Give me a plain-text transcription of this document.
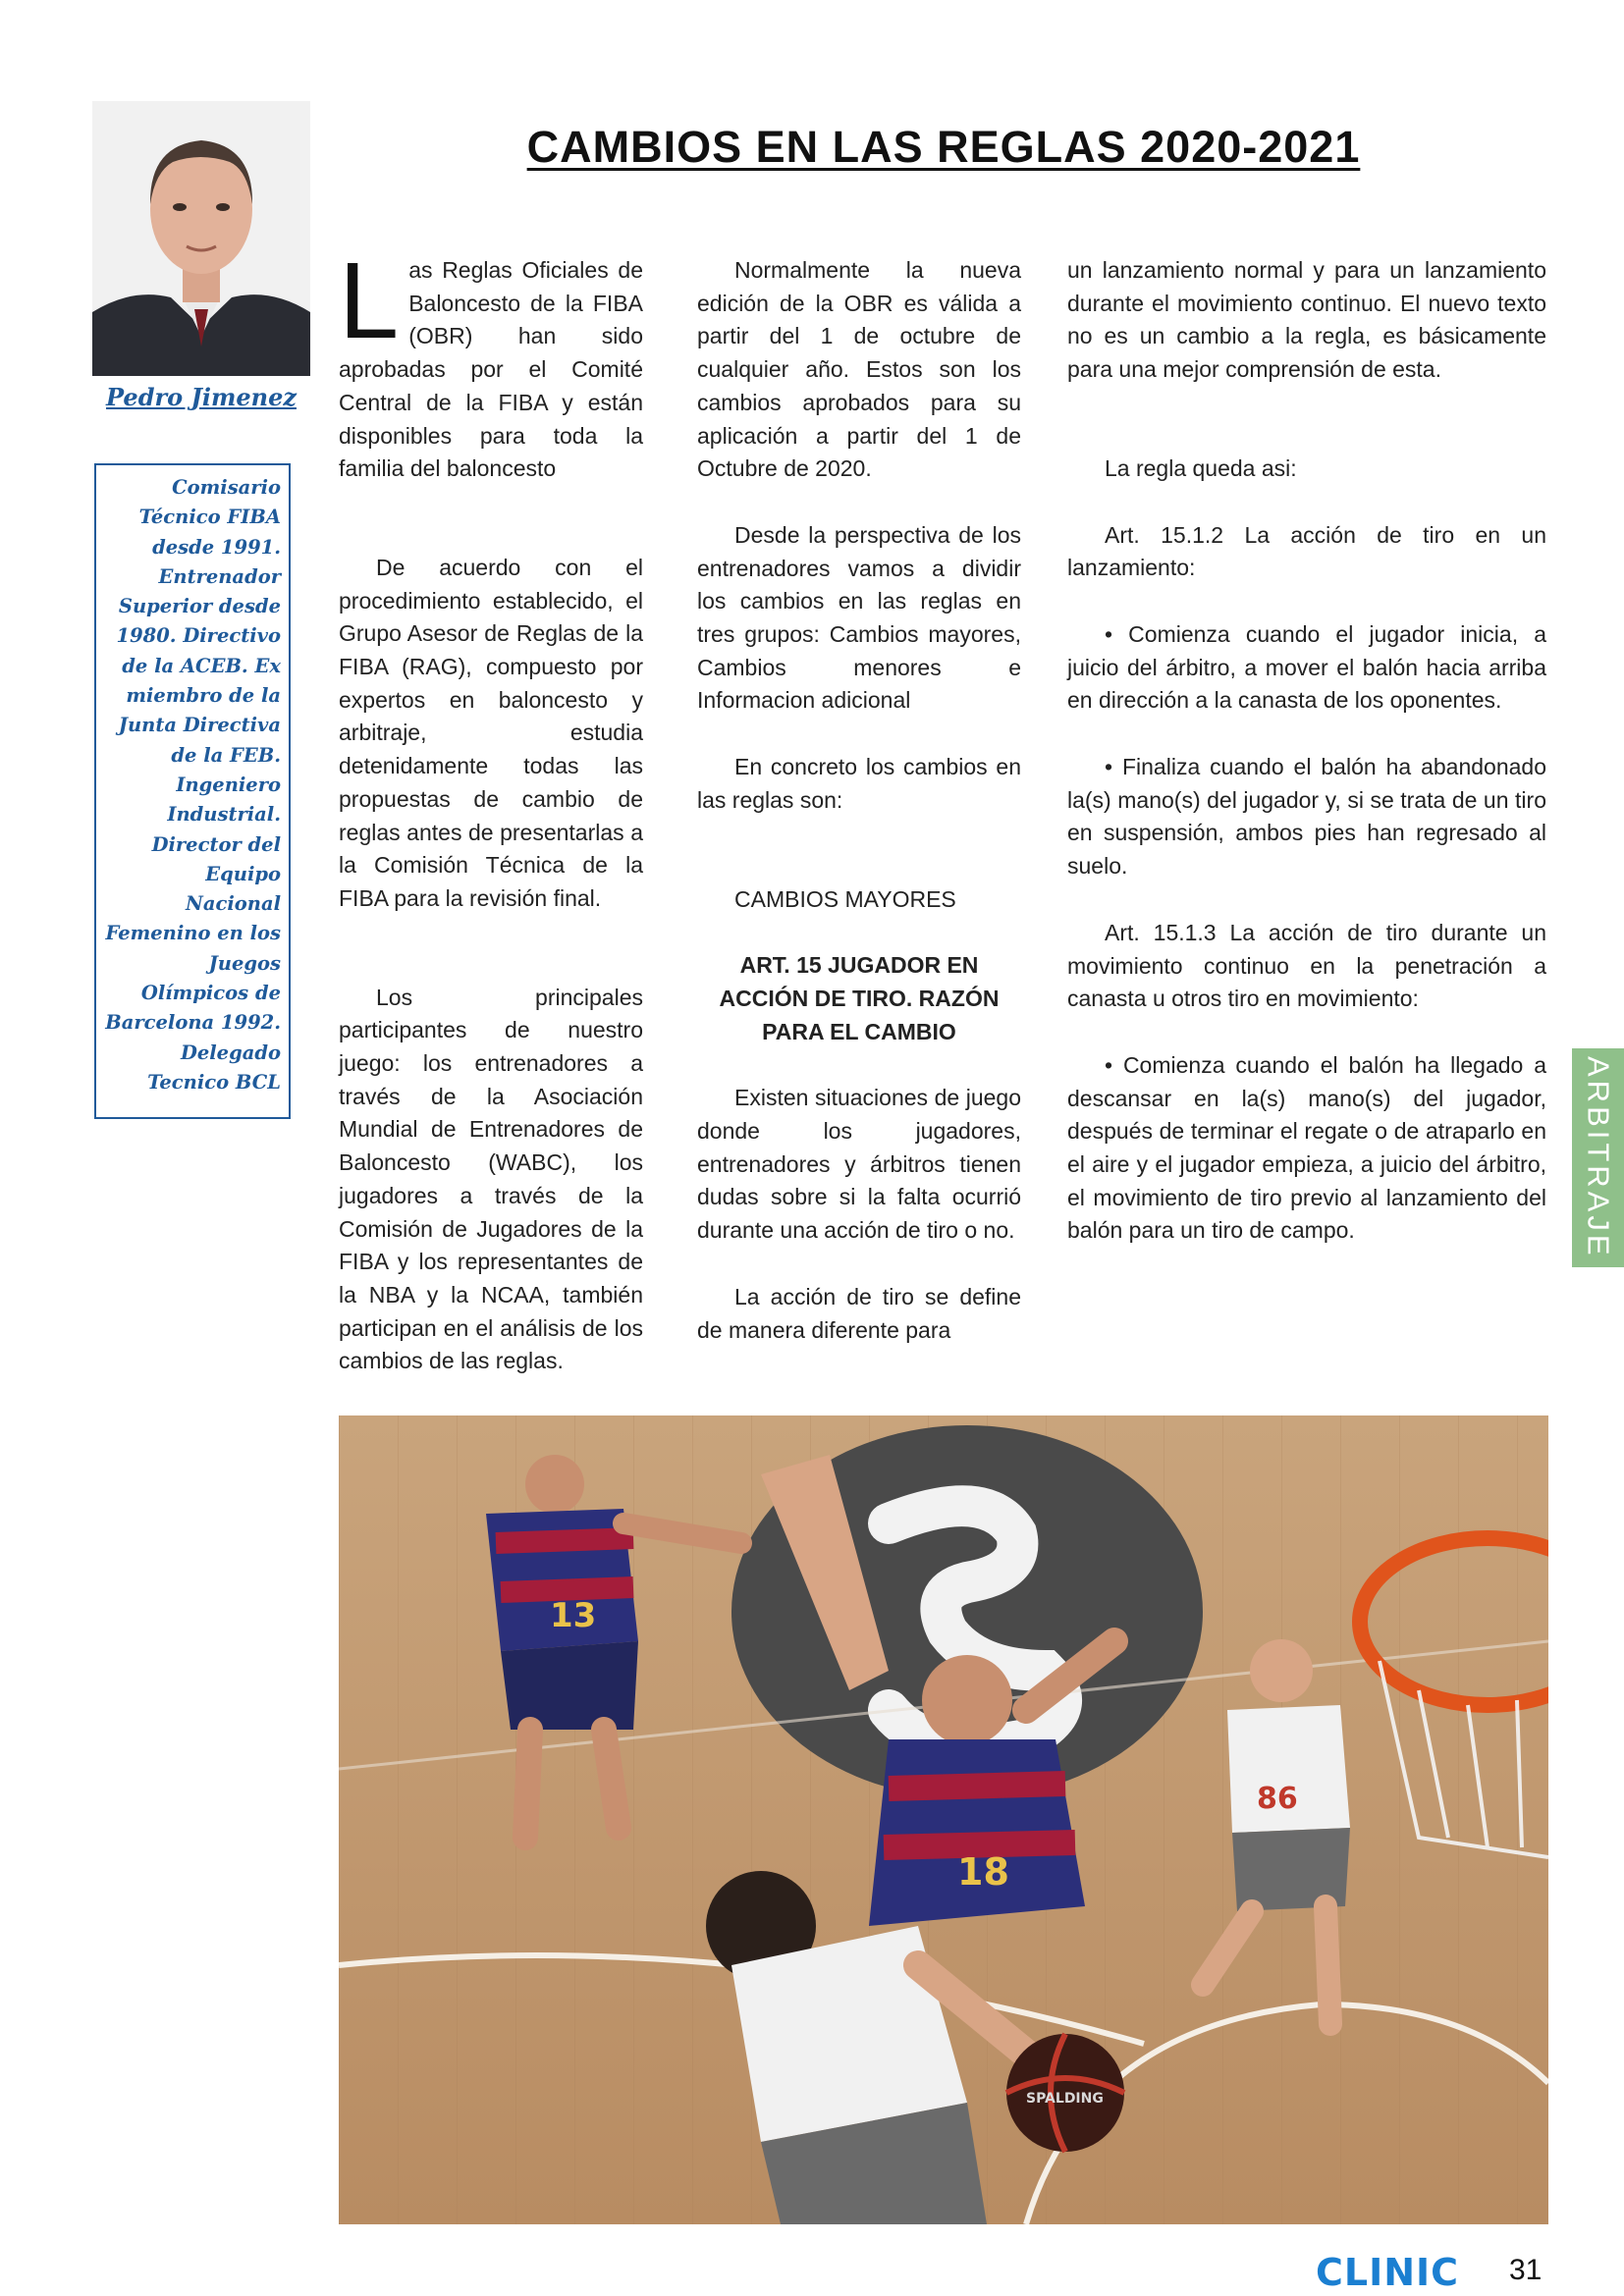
Pedro Jimenez

Comisario Técnico FIBA desde 1991. Entrenador Superior desde 1980. Directivo de la ACEB. Ex miembro de la Junta Directiva de la FEB. Ingeniero Industrial. Director del Equipo Nacional Femenino en los Juegos Olímpicos de Barcelona 1992. Delegado Tecnico BCL

CAMBIOS EN LAS REGLAS 2020-2021

Las Reglas Oficiales de Baloncesto de la FIBA (OBR) han sido aprobadas por el Comité Central de la FIBA y están disponibles para toda la familia del baloncesto

De acuerdo con el procedimiento establecido, el Grupo Asesor de Reglas de la FIBA (RAG), compuesto por expertos en baloncesto y arbitraje, estudia detenidamente todas las propuestas de cambio de reglas antes de presentarlas a la Comisión Técnica de la FIBA para la revisión final.

Los principales participantes de nuestro juego: los entrenadores a través de la Asociación Mundial de Entrenadores de Baloncesto (WABC), los jugadores a través de la Comisión de Jugadores de la FIBA y los representantes de la NBA y la NCAA, también participan en el análisis de los cambios de las reglas.

Normalmente la nueva edición de la OBR es válida a partir del 1 de octubre de cualquier año. Estos son los cambios aprobados para su aplicación a partir del 1 de Octubre de 2020.

Desde la perspectiva de los entrenadores vamos a dividir los cambios en las reglas en tres grupos: Cambios mayores, Cambios menores e Informacion adicional

En concreto los cambios en las reglas son:

CAMBIOS MAYORES

ART. 15 JUGADOR EN ACCIÓN DE TIRO. RAZÓN PARA EL CAMBIO

Existen situaciones de juego donde los jugadores, entrenadores y árbitros tienen dudas sobre si la falta ocurrió durante una acción de tiro o no.

La acción de tiro se define de manera diferente para

un lanzamiento normal y para un lanzamiento durante el movimiento continuo. El nuevo texto no es un cambio a la regla, es básicamente para una mejor comprensión de esta.

La regla queda asi:

Art. 15.1.2 La acción de tiro en un lanzamiento:

• Comienza cuando el jugador inicia, a juicio del árbitro, a mover el balón hacia arriba en dirección a la canasta de los oponentes.

• Finaliza cuando el balón ha abandonado la(s) mano(s) del jugador y, si se trata de un tiro en suspensión, ambos pies han regresado al suelo.

Art. 15.1.3 La acción de tiro durante un movimiento continuo en la penetración a canasta u otros tiro en movimiento:

• Comienza cuando el balón ha llegado a descansar en la(s) mano(s) del jugador, después de terminar el regate o de atraparlo en el aire y el jugador empieza, a juicio del árbitro, el movimiento de tiro previo al lanzamiento del balón para un tiro de campo.	ARBITRAJE
13
18
SPALDING
86
CLINIC 31
